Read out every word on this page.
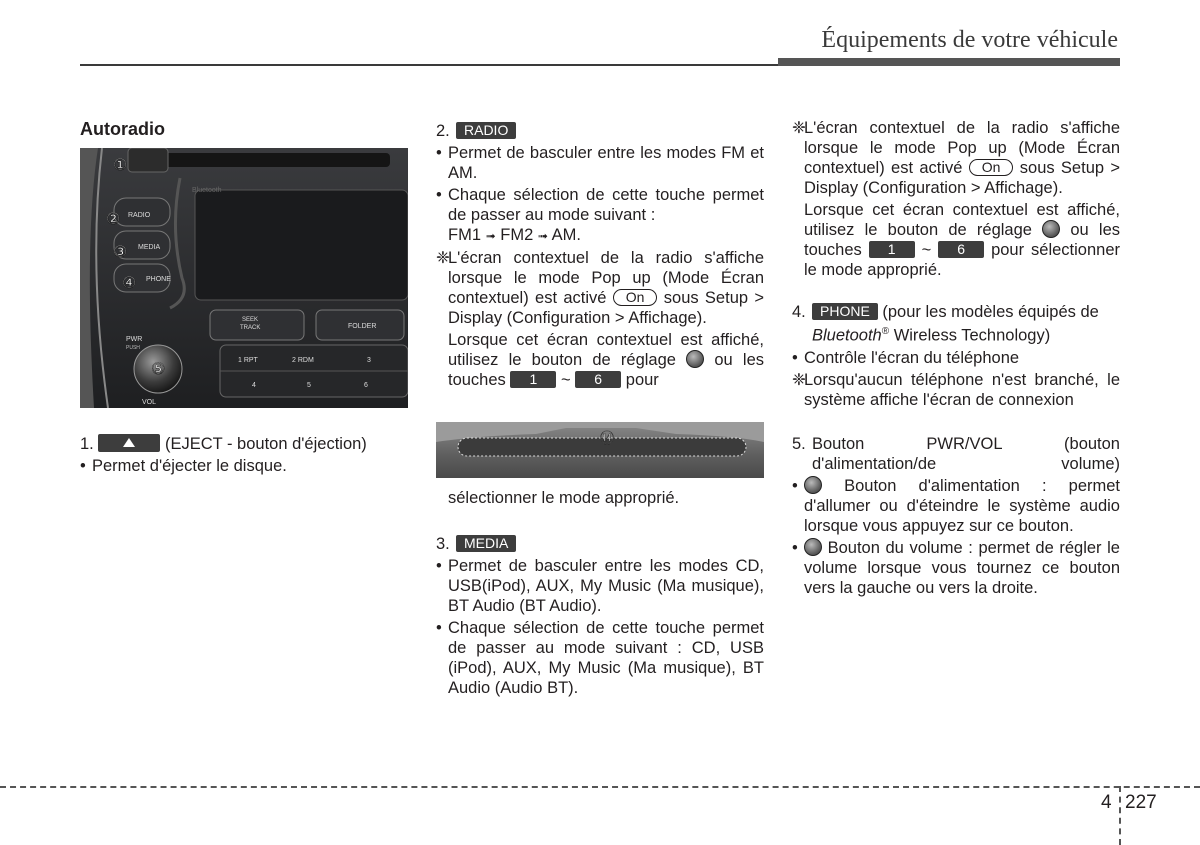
Équipements de votre véhicule
Autoradio
Bluetooth
RADIO
MEDIA
PHONE
SEEK
TRACK	FOLDER
1 RPT	2 RDM	3
4	5	6
PWR
PUSH
VOL
①
②
③
④
⑤
1.	(EJECT - bouton d'éjection)
• Permet d'éjecter le disque.
2.	RADIO
• Permet de basculer entre les modes FM et AM.
• Chaque sélection de cette touche permet de passer au mode suivant :
FM1 ➟ FM2 ➟ AM.
❈
L'écran contextuel de la radio s'affiche lorsque le mode Pop up (Mode Écran contextuel) est activé On sous Setup > Display (Configuration > Affichage).
Lorsque cet écran contextuel est affiché, utilisez le bouton de réglage  ou les touches 1 ~ 6 pour
⑭
sélectionner le mode approprié.
3.	MEDIA
• Permet de basculer entre les modes CD, USB(iPod), AUX, My Music (Ma musique), BT Audio (BT Audio).
• Chaque sélection de cette touche permet de passer au mode suivant : CD, USB (iPod), AUX, My Music (Ma musique), BT Audio (Audio BT).
❈
L'écran contextuel de la radio s'affiche lorsque le mode Pop up (Mode Écran contextuel) est activé On sous Setup > Display (Configuration > Affichage).
Lorsque cet écran contextuel est affiché, utilisez le bouton de réglage  ou les touches 1 ~ 6 pour sélectionner le mode approprié.
4.	PHONE (pour les modèles équipés de
Bluetooth® Wireless Technology)
• Contrôle l'écran du téléphone
❈
Lorsqu'aucun téléphone n'est branché, le système affiche l'écran de connexion
5. Bouton PWR/VOL (bouton d'alimentation/de volume)
•	Bouton d'alimentation : permet d'allumer ou d'éteindre le système audio lorsque vous appuyez sur ce bouton.
•	Bouton du volume : permet de régler le volume lorsque vous tournez ce bouton vers la gauche ou vers la droite.
4 227
